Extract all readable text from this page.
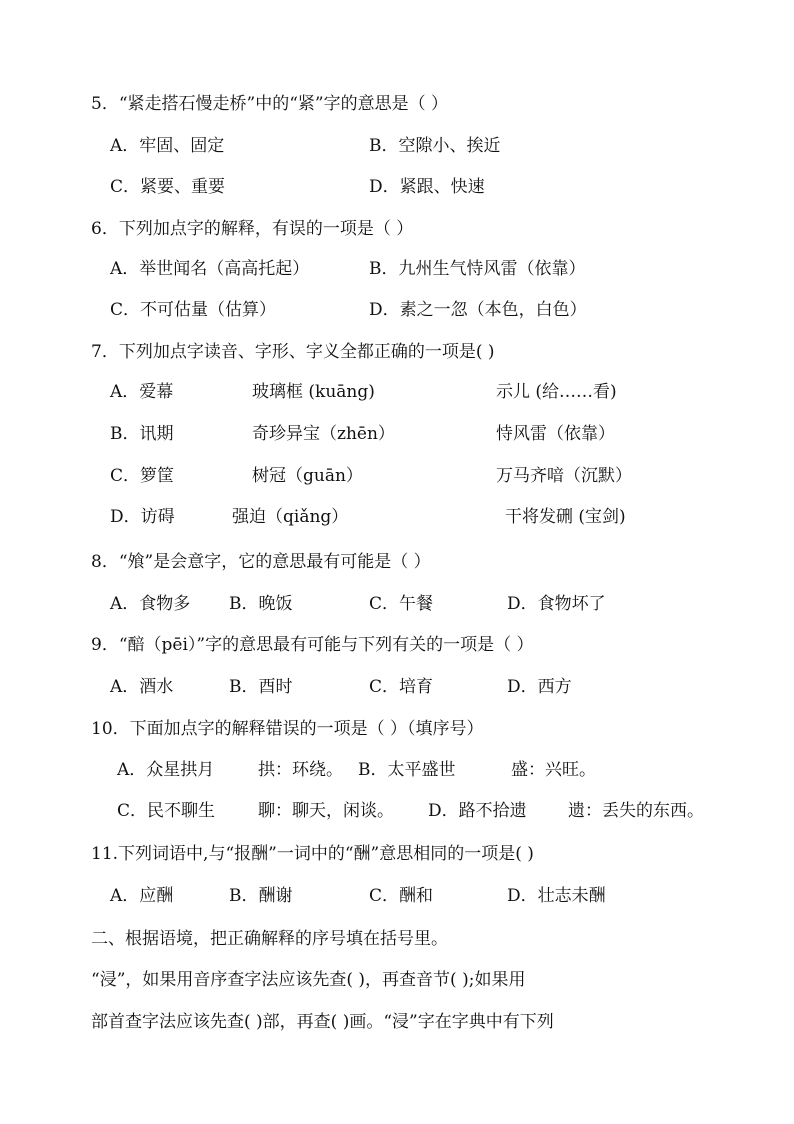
5．“紧走搭石慢走桥”中的“紧”字的意思是（ ）
A．牢固、固定	B．空隙小、挨近
C．紧要、重要	D．紧跟、快速
6．下列加点字的解释，有误的一项是（ ）
A．举世闻名（高高托起）	B．九州生气恃风雷（依靠）
C．不可估量（估算）	D．素之一忽（本色，白色）
7．下列加点字读音、字形、字义全都正确的一项是( )
A．爱幕	玻璃框 (kuāng)	示儿 (给……看)
B．讯期	奇珍异宝（zhēn）	恃风雷（依靠）
C．箩筐	树冠（guān）	万马齐喑（沉默）
D．访碍	强迫（qiǎng）	干将发硎 (宝剑)
8．“飧”是会意字，它的意思最有可能是（ ）
A．食物多 B．晚饭	C．午餐	D．食物坏了
9．“醅（pēi）”字的意思最有可能与下列有关的一项是（ ）
A．酒水	B．酉时	C．培育	D．西方
10．下面加点字的解释错误的一项是（ ）（填序号）
A．众星拱月	拱：环绕。 B．太平盛世	盛：兴旺。
C．民不聊生	聊：聊天，闲谈。 D．路不拾遗 遗：丢失的东西。
11.下列词语中,与“报酬”一词中的“酬”意思相同的一项是( )
A．应酬	B．酬谢	C．酬和	D．壮志未酬
二、根据语境，把正确解释的序号填在括号里。
“浸”，如果用音序查字法应该先查( )，再查音节( );如果用
部首查字法应该先查( )部，再查( )画。“浸”字在字典中有下列
